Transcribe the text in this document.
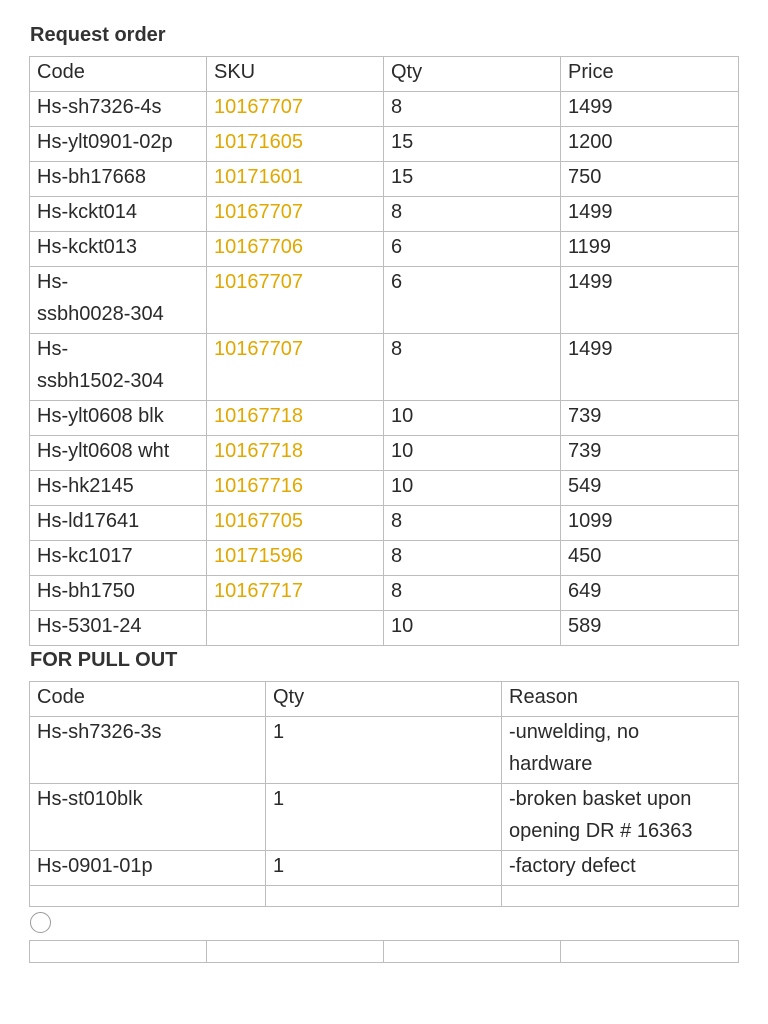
Request order
Code	SKU	Qty	Price
Hs-sh7326-4s	10167707	8	1499
Hs-ylt0901-02p	10171605	15	1200
Hs-bh17668	10171601	15	750
Hs-kckt014	10167707	8	1499
Hs-kckt013	10167706	6	1199

Hs-
ssbh0028-304	10167707	6	1499

Hs-
ssbh1502-304	10167707	8	1499
Hs-ylt0608 blk	10167718	10	739
Hs-ylt0608 wht	10167718	10	739
Hs-hk2145	10167716	10	549
Hs-ld17641	10167705	8	1099
Hs-kc1017	10171596	8	450
Hs-bh1750	10167717	8	649
Hs-5301-24		10	589
FOR PULL OUT
Code	Qty	Reason
Hs-sh7326-3s	1	-unwelding, no
hardware

Hs-st010blk	1	-broken basket upon
opening DR # 16363

Hs-0901-01p	1	-factory defect
